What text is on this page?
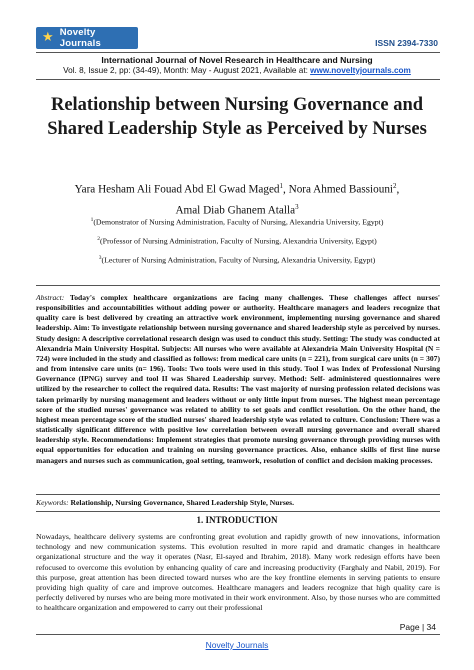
★ Novelty Journals	ISSN 2394-7330
International Journal of Novel Research in Healthcare and Nursing
Vol. 8, Issue 2, pp: (34-49), Month: May - August 2021, Available at: www.noveltyjournals.com
Relationship between Nursing Governance and Shared Leadership Style as Perceived by Nurses
Yara Hesham Ali Fouad Abd El Gwad Maged$^1$, Nora Ahmed Bassiouni$^2$,
Amal Diab Ghanem Atalla$^3$
$^1$(Demonstrator of Nursing Administration, Faculty of Nursing, Alexandria University, Egypt)
$^2$(Professor of Nursing Administration, Faculty of Nursing, Alexandria University, Egypt)
$^3$(Lecturer of Nursing Administration, Faculty of Nursing, Alexandria University, Egypt)
Abstract: Today's complex healthcare organizations are facing many challenges. These challenges affect nurses' responsibilities and accountabilities without adding power or authority. Healthcare managers and leaders recognize that quality care is best delivered by creating an attractive work environment, implementing nursing governance and shared leadership. Aim: To investigate relationship between nursing governance and shared leadership style as perceived by nurses. Study design: A descriptive correlational research design was used to conduct this study. Setting: The study was conducted at Alexandria Main University Hospital. Subjects: All nurses who were available at Alexandria Main University Hospital (N = 724) were included in the study and classified as follows: from medical care units (n = 221), from surgical care units (n = 307) and from intensive care units (n= 196). Tools: Two tools were used in this study. Tool I was Index of Professional Nursing Governance (IPNG) survey and tool II was Shared Leadership survey. Method: Self- administered questionnaires were utilized by the researcher to collect the required data. Results: The vast majority of nursing profession related decisions was taken primarily by nursing management and leaders without or only little input from nurses. The highest mean percentage score of the studied nurses' governance was related to ability to set goals and conflict resolution. On the other hand, the highest mean percentage score of the studied nurses' shared leadership style was related to culture. Conclusion: There was a statistically significant difference with positive low correlation between overall nursing governance and overall shared leadership style. Recommendations: Implement strategies that promote nursing governance through providing nurses with equal opportunities for education and training on nursing governance practices. Also, enhance skills of first line nurse managers and nurses such as communication, goal setting, teamwork, resolution of conflict and decision making processes.
Keywords: Relationship, Nursing Governance, Shared Leadership Style, Nurses.
1. INTRODUCTION
Nowadays, healthcare delivery systems are confronting great evolution and rapidly growth of new innovations, information technology and new communication systems. This evolution resulted in more rapid and dramatic changes in healthcare organizational structure and the way it operates (Nasr, El-sayed and Ibrahim, 2018). Many work redesign efforts have been refocused to overcome this evolution by enhancing quality of care and increasing productivity (Farghaly and Nabil, 2019). For this purpose, great attention has been directed toward nurses who are the key frontline elements in serving patients to ensure providing high quality of care and improve outcomes. Healthcare managers and leaders recognize that high quality care is perfectly delivered by nurses who are being more motivated in their work environment. Also, by those nurses who are committed to healthcare organization and empowered to carry out their professional
Page | 34
Novelty Journals
